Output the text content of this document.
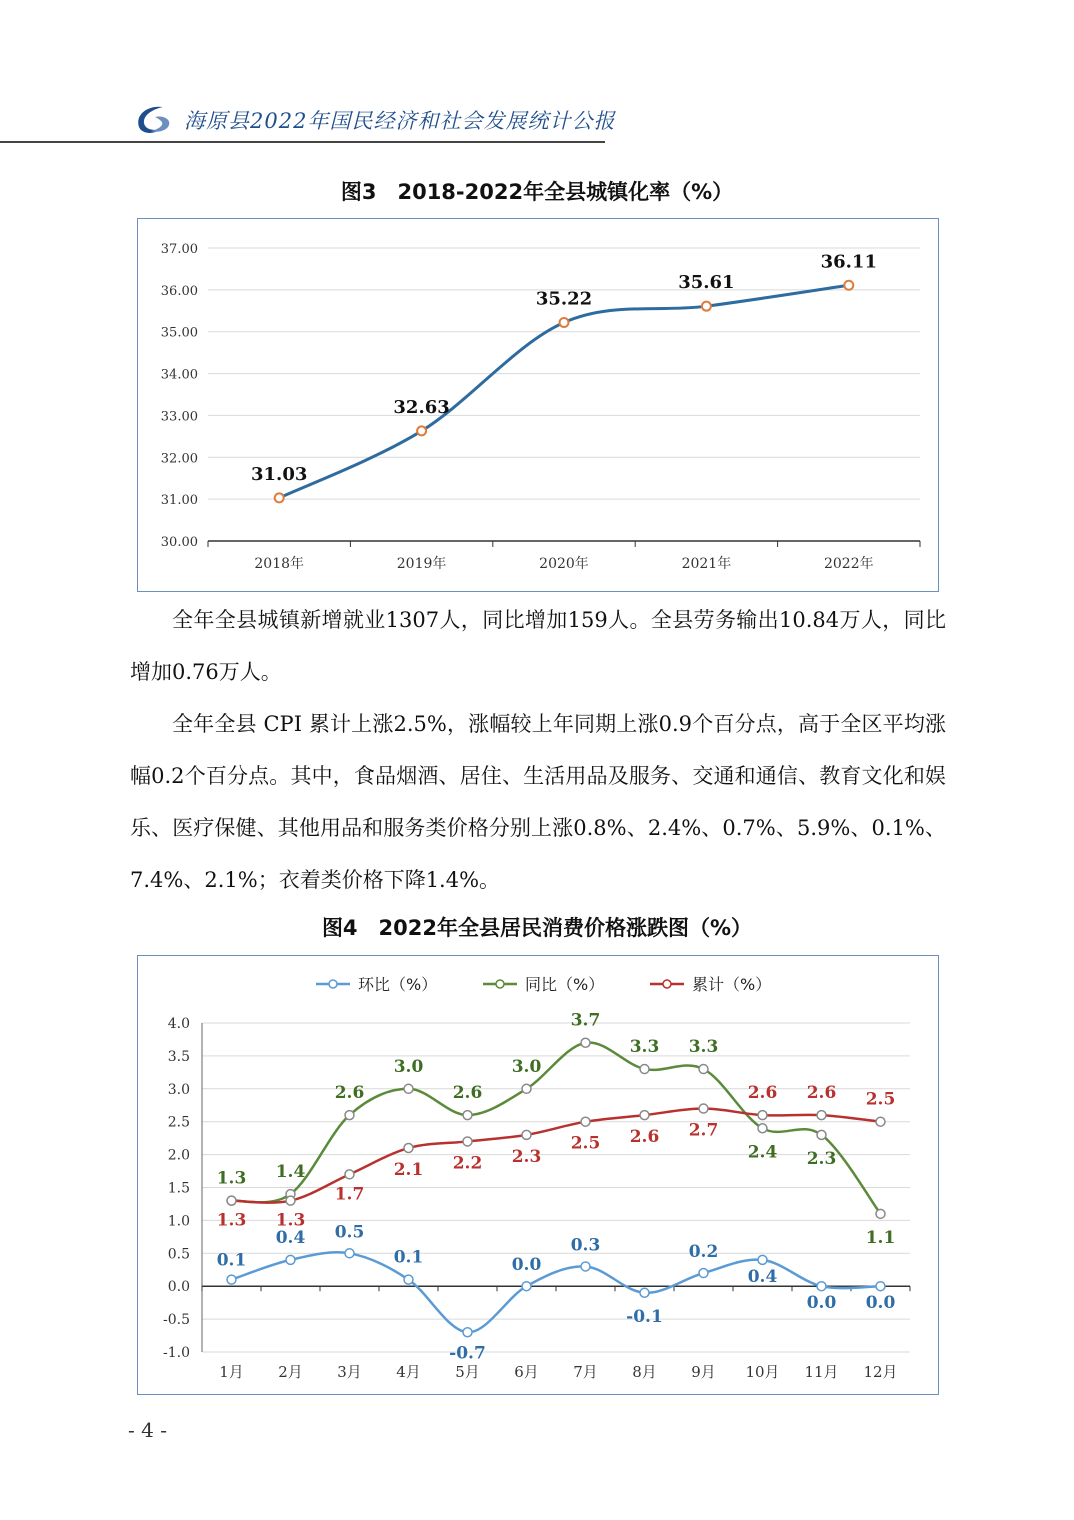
海原县2022年国民经济和社会发展统计公报
图3　2018-2022年全县城镇化率（%）
37.00
36.00
35.00
34.00
33.00
32.00
31.00
30.00
2018年	2019年	2020年	2021年	2022年
31.03
32.63
35.22
35.61
36.11

全年全县城镇新增就业1307人，同比增加159人。全县劳务输出10.84万人，同比增加0.76万人。

全年全县 CPI 累计上涨2.5%，涨幅较上年同期上涨0.9个百分点，高于全区平均涨幅0.2个百分点。其中，食品烟酒、居住、生活用品及服务、交通和通信、教育文化和娱乐、医疗保健、其他用品和服务类价格分别上涨0.8%、2.4%、0.7%、5.9%、0.1%、7.4%、2.1%；衣着类价格下降1.4%。

图4　2022年全县居民消费价格涨跌图（%）
环比（%）	同比（%）	累计（%）
4.0
3.5
3.0
2.5
2.0
1.5
1.0
0.5
0.0
-0.5
-1.0
1月 2月 3月 4月 5月 6月 7月 8月 9月 10月 11月 12月
0.1
0.4 0.5
0.1
-0.7
0.0
0.3
-0.1
0.2
0.4
0.0 0.0
1.3 1.4
2.6
3.0
2.6
3.0
3.7
3.3 3.3
2.4 2.3
1.1
1.3 1.3
1.7
2.1 2.2 2.3
2.5 2.6 2.7
2.6 2.6 2.5
- 4 -
